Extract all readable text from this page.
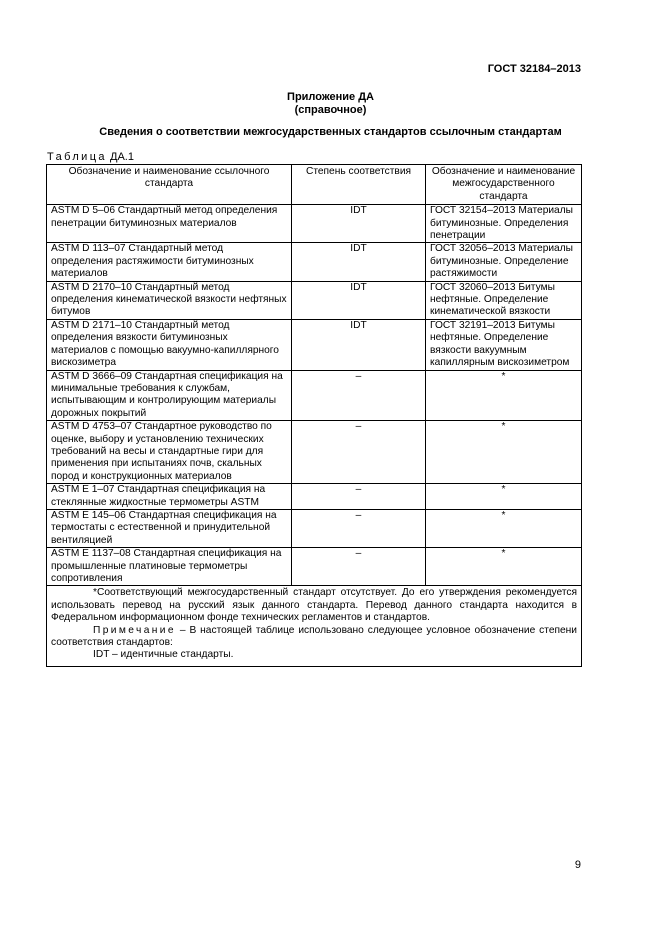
ГОСТ 32184–2013
Приложение ДА
(справочное)
Сведения о соответствии межгосударственных стандартов ссылочным стандартам
Таблица ДА.1
Обозначение и наименование ссылочного стандарта	Степень соответствия	Обозначение и наименование межгосударственного стандарта
ASTM D 5–06 Стандартный метод определения пенетрации битуминозных материалов	IDT	ГОСТ 32154–2013 Материалы битуминозные. Определения пенетрации
ASTM D 113–07 Стандартный метод определения растяжимости битуминозных материалов	IDT	ГОСТ 32056–2013 Материалы битуминозные. Определение растяжимости
ASTM D 2170–10 Стандартный метод определения кинематической вязкости нефтяных битумов	IDT	ГОСТ 32060–2013 Битумы нефтяные. Определение кинематической вязкости
ASTM D 2171–10 Стандартный метод определения вязкости битуминозных материалов с помощью вакуумно-капиллярного вискозиметра	IDT	ГОСТ 32191–2013 Битумы нефтяные. Определение вязкости вакуумным капиллярным вискозиметром
ASTM D 3666–09 Стандартная спецификация на минимальные требования к службам, испытывающим и контролирующим материалы дорожных покрытий	–	*
ASTM D 4753–07 Стандартное руководство по оценке, выбору и установлению технических требований на весы и стандартные гири для применения при испытаниях почв, скальных пород и конструкционных материалов	–	*
ASTM E 1–07 Стандартная спецификация на стеклянные жидкостные термометры ASTM	–	*
ASTM E 145–06 Стандартная спецификация на термостаты с естественной и принудительной вентиляцией	–	*
ASTM E 1137–08 Стандартная спецификация на промышленные платиновые термометры сопротивления	–	*

*Соответствующий межгосударственный стандарт отсутствует. До его утверждения рекомендуется использовать перевод на русский язык данного стандарта. Перевод данного стандарта находится в Федеральном информационном фонде технических регламентов и стандартов.
Примечание – В настоящей таблице использовано следующее условное обозначение степени соответствия стандартов:
IDT – идентичные стандарты.		
9
